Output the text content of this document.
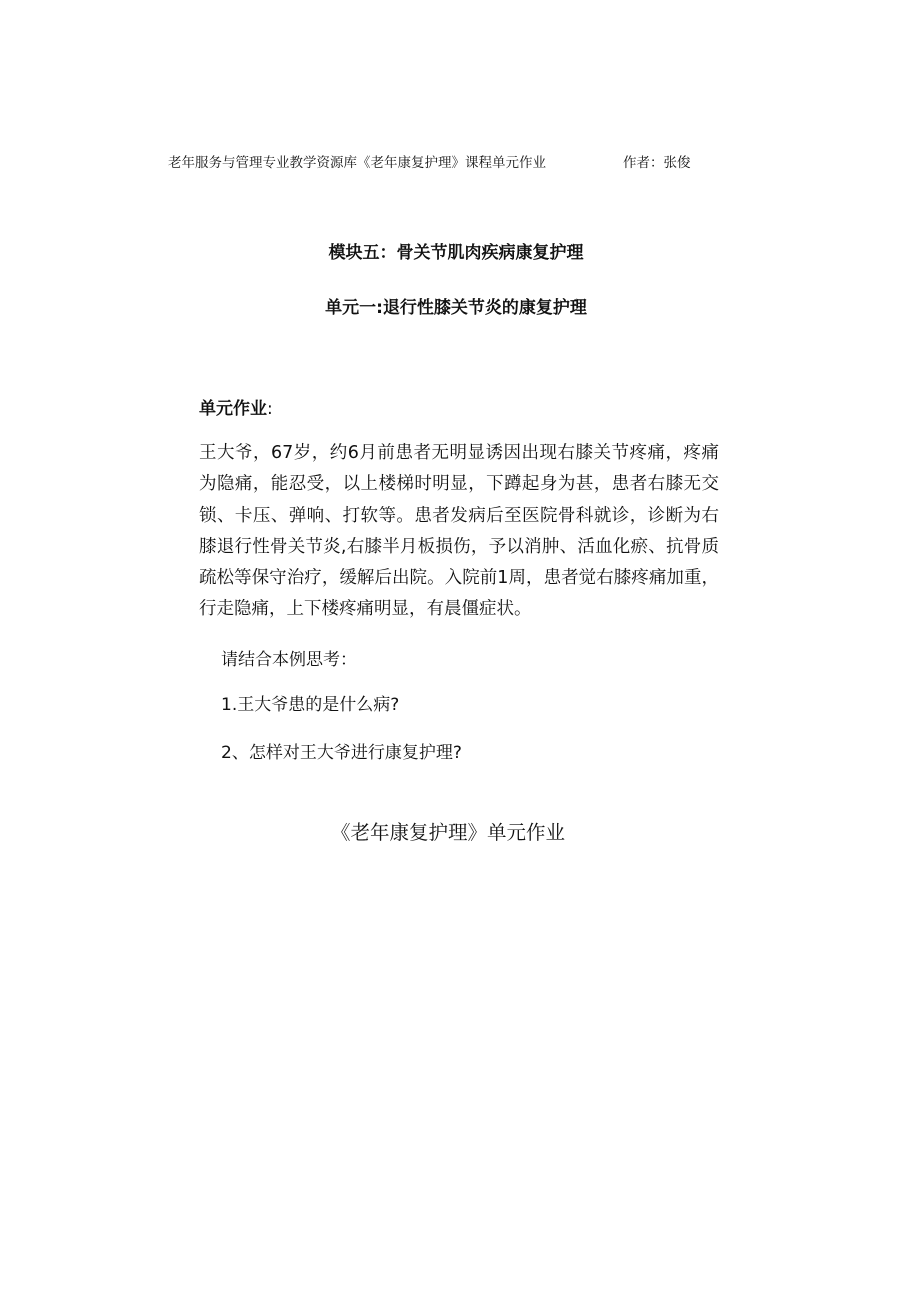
老年服务与管理专业教学资源库《老年康复护理》课程单元作业	作者：张俊
模块五：骨关节肌肉疾病康复护理
单元一:退行性膝关节炎的康复护理
单元作业:
王大爷，67岁，约6月前患者无明显诱因出现右膝关节疼痛，疼痛为隐痛，能忍受，以上楼梯时明显，下蹲起身为甚，患者右膝无交锁、卡压、弹响、打软等。患者发病后至医院骨科就诊，诊断为右膝退行性骨关节炎,右膝半月板损伤，予以消肿、活血化瘀、抗骨质疏松等保守治疗，缓解后出院。入院前1周，患者觉右膝疼痛加重，行走隐痛，上下楼疼痛明显，有晨僵症状。
请结合本例思考：
1.王大爷患的是什么病?
2、怎样对王大爷进行康复护理?
《老年康复护理》单元作业
